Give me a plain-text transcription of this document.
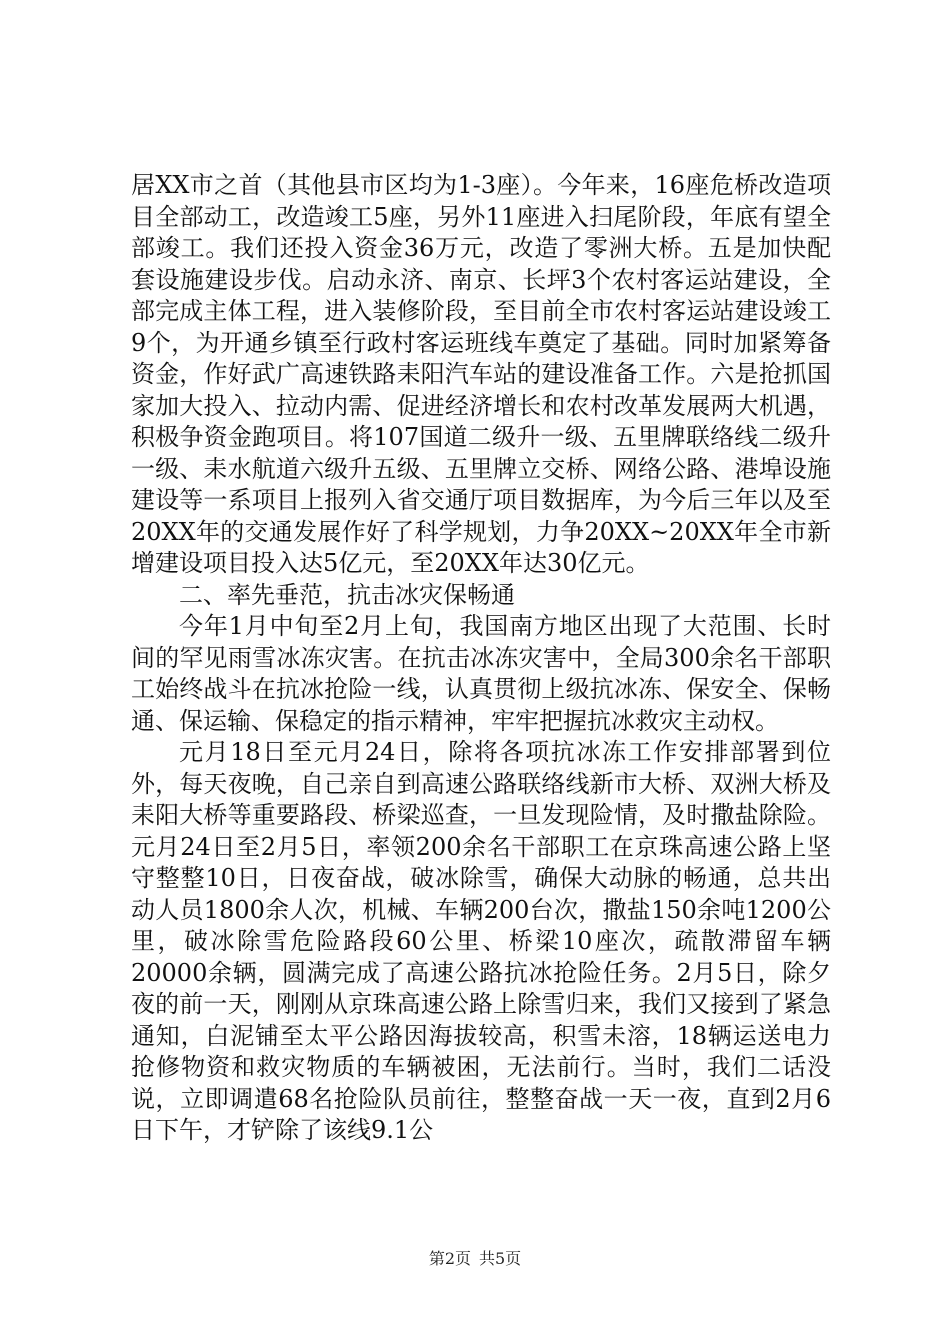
居XX市之首（其他县市区均为1-3座）。今年来，16座危桥改造项目全部动工，改造竣工5座，另外11座进入扫尾阶段，年底有望全部竣工。我们还投入资金36万元，改造了零洲大桥。五是加快配套设施建设步伐。启动永济、南京、长坪3个农村客运站建设，全部完成主体工程，进入装修阶段，至目前全市农村客运站建设竣工9个，为开通乡镇至行政村客运班线车奠定了基础。同时加紧筹备资金，作好武广高速铁路耒阳汽车站的建设准备工作。六是抢抓国家加大投入、拉动内需、促进经济增长和农村改革发展两大机遇，积极争资金跑项目。将107国道二级升一级、五里牌联络线二级升一级、耒水航道六级升五级、五里牌立交桥、网络公路、港埠设施建设等一系项目上报列入省交通厅项目数据库，为今后三年以及至20XX年的交通发展作好了科学规划，力争20XX~20XX年全市新增建设项目投入达5亿元，至20XX年达30亿元。

二、率先垂范，抗击冰灾保畅通

今年1月中旬至2月上旬，我国南方地区出现了大范围、长时间的罕见雨雪冰冻灾害。在抗击冰冻灾害中，全局300余名干部职工始终战斗在抗冰抢险一线，认真贯彻上级抗冰冻、保安全、保畅通、保运输、保稳定的指示精神，牢牢把握抗冰救灾主动权。

元月18日至元月24日，除将各项抗冰冻工作安排部署到位外，每天夜晚，自己亲自到高速公路联络线新市大桥、双洲大桥及耒阳大桥等重要路段、桥梁巡查，一旦发现险情，及时撒盐除险。元月24日至2月5日，率领200余名干部职工在京珠高速公路上坚守整整10日，日夜奋战，破冰除雪，确保大动脉的畅通，总共出动人员1800余人次，机械、车辆200台次，撒盐150余吨1200公里，破冰除雪危险路段60公里、桥梁10座次，疏散滞留车辆20000余辆，圆满完成了高速公路抗冰抢险任务。2月5日，除夕夜的前一天，刚刚从京珠高速公路上除雪归来，我们又接到了紧急通知，白泥铺至太平公路因海拔较高，积雪未溶，18辆运送电力抢修物资和救灾物质的车辆被困，无法前行。当时，我们二话没说，立即调遣68名抢险队员前往，整整奋战一天一夜，直到2月6日下午，才铲除了该线9.1公

第2页 共5页
